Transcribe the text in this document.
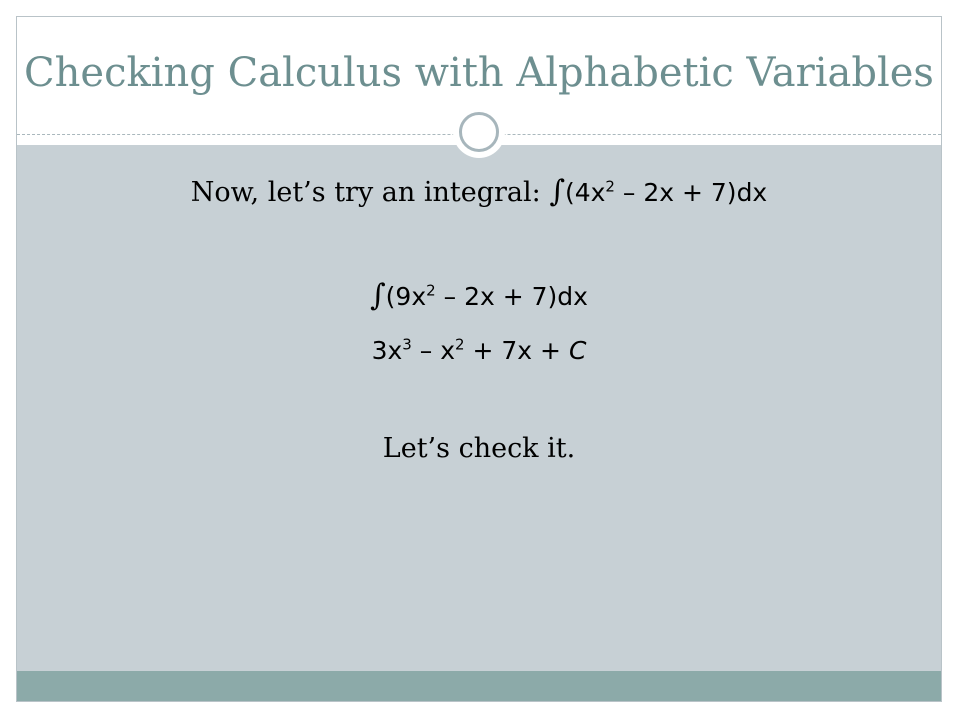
Checking Calculus with Alphabetic Variables
Now, let’s try an integral: $\int(4x^2 - 2x + 7)dx$
$\int(9x^2 - 2x + 7)dx$
$3x^3 - x^2 + 7x + C$
Let’s check it.
